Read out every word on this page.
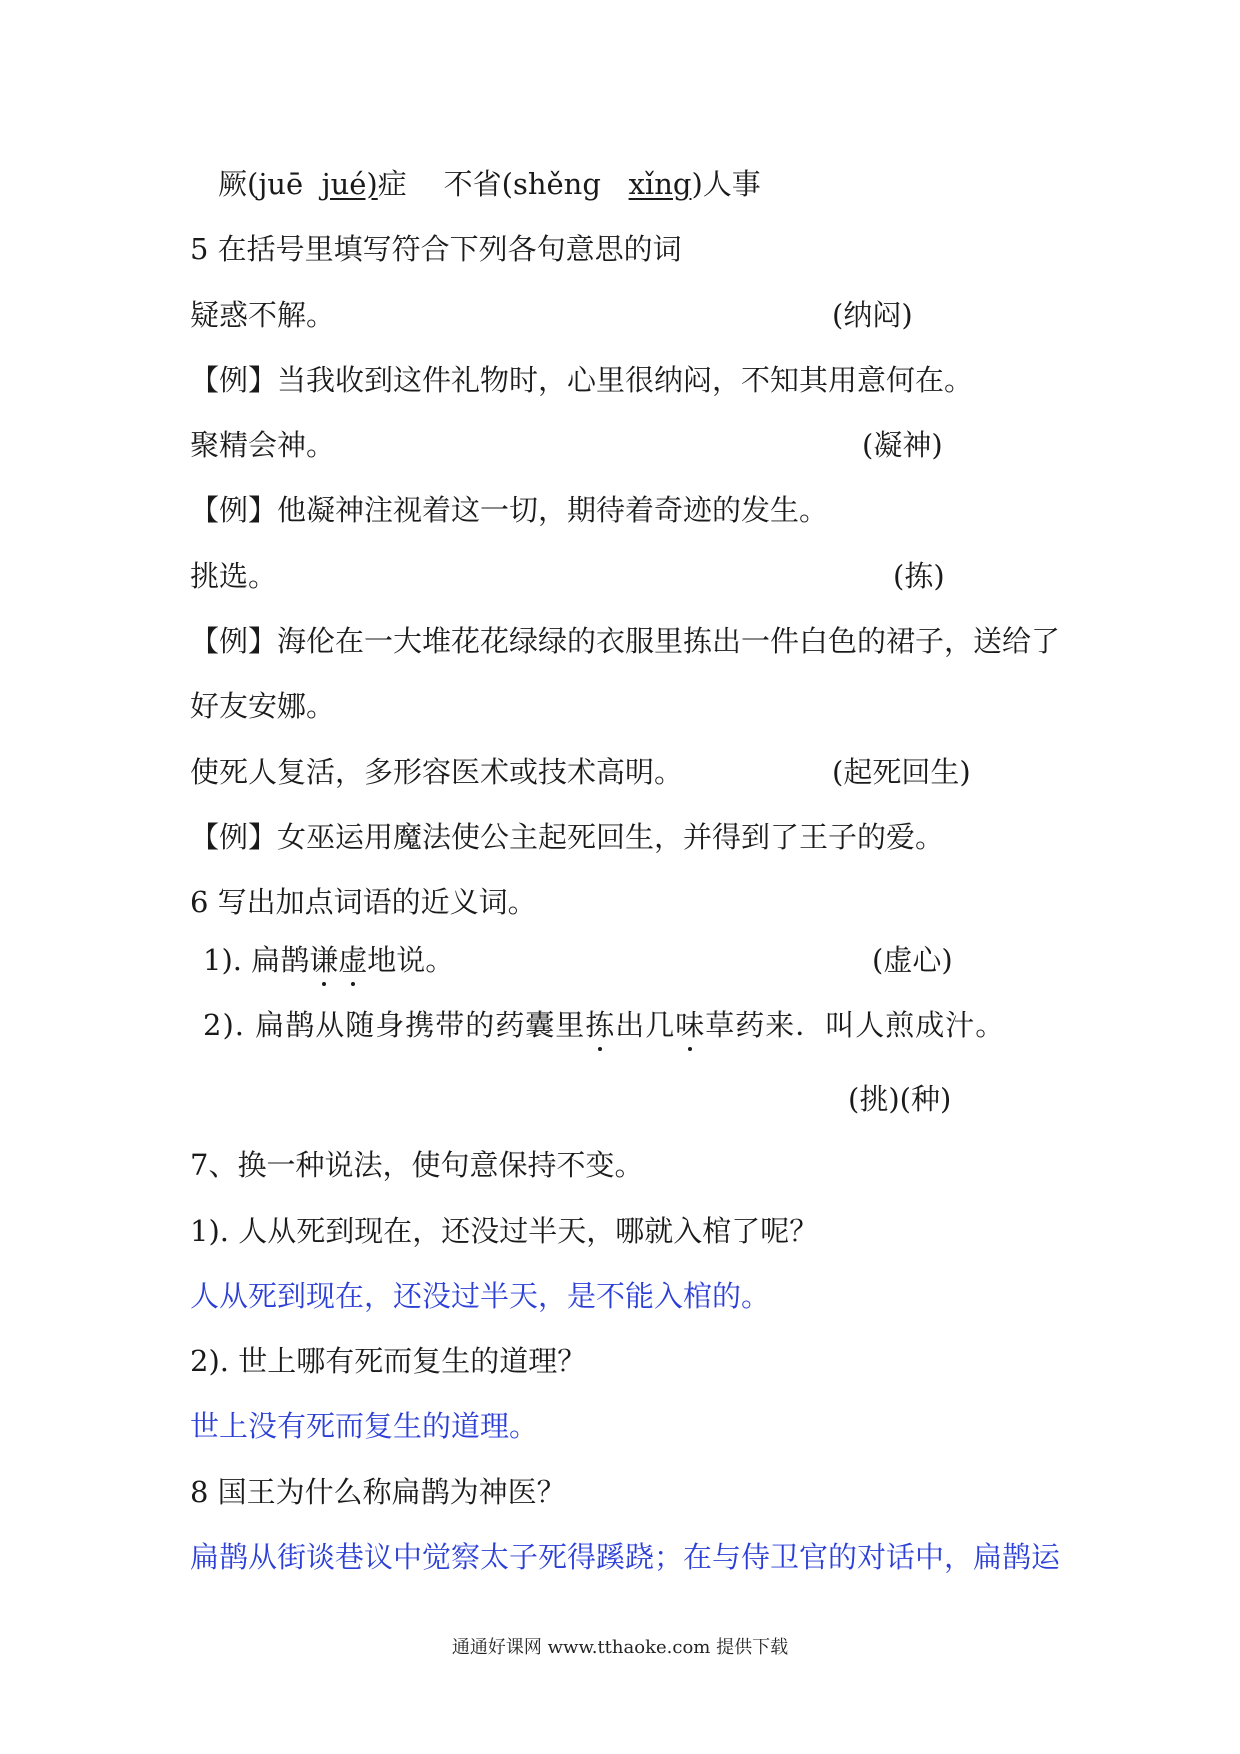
厥(juē  jué)症 不省(shěng   xǐng)人事
5 在括号里填写符合下列各句意思的词
疑惑不解。	(纳闷)
【例】当我收到这件礼物时，心里很纳闷，不知其用意何在。
聚精会神。	(凝神)
【例】他凝神注视着这一切，期待着奇迹的发生。
挑选。	(拣)
【例】海伦在一大堆花花绿绿的衣服里拣出一件白色的裙子，送给了
好友安娜。
使死人复活，多形容医术或技术高明。	(起死回生)
【例】女巫运用魔法使公主起死回生，并得到了王子的爱。
6 写出加点词语的近义词。
1). 扁鹊谦虚地说。	(虚心)
2). 扁鹊从随身携带的药囊里拣出几味草药来．叫人煎成汁。
(挑)(种)
7、换一种说法，使句意保持不变。
1). 人从死到现在，还没过半天，哪就入棺了呢？
人从死到现在，还没过半天，是不能入棺的。
2). 世上哪有死而复生的道理？
世上没有死而复生的道理。
8 国王为什么称扁鹊为神医？
扁鹊从街谈巷议中觉察太子死得蹊跷；在与侍卫官的对话中，扁鹊运
通通好课网 www.tthaoke.com 提供下载
